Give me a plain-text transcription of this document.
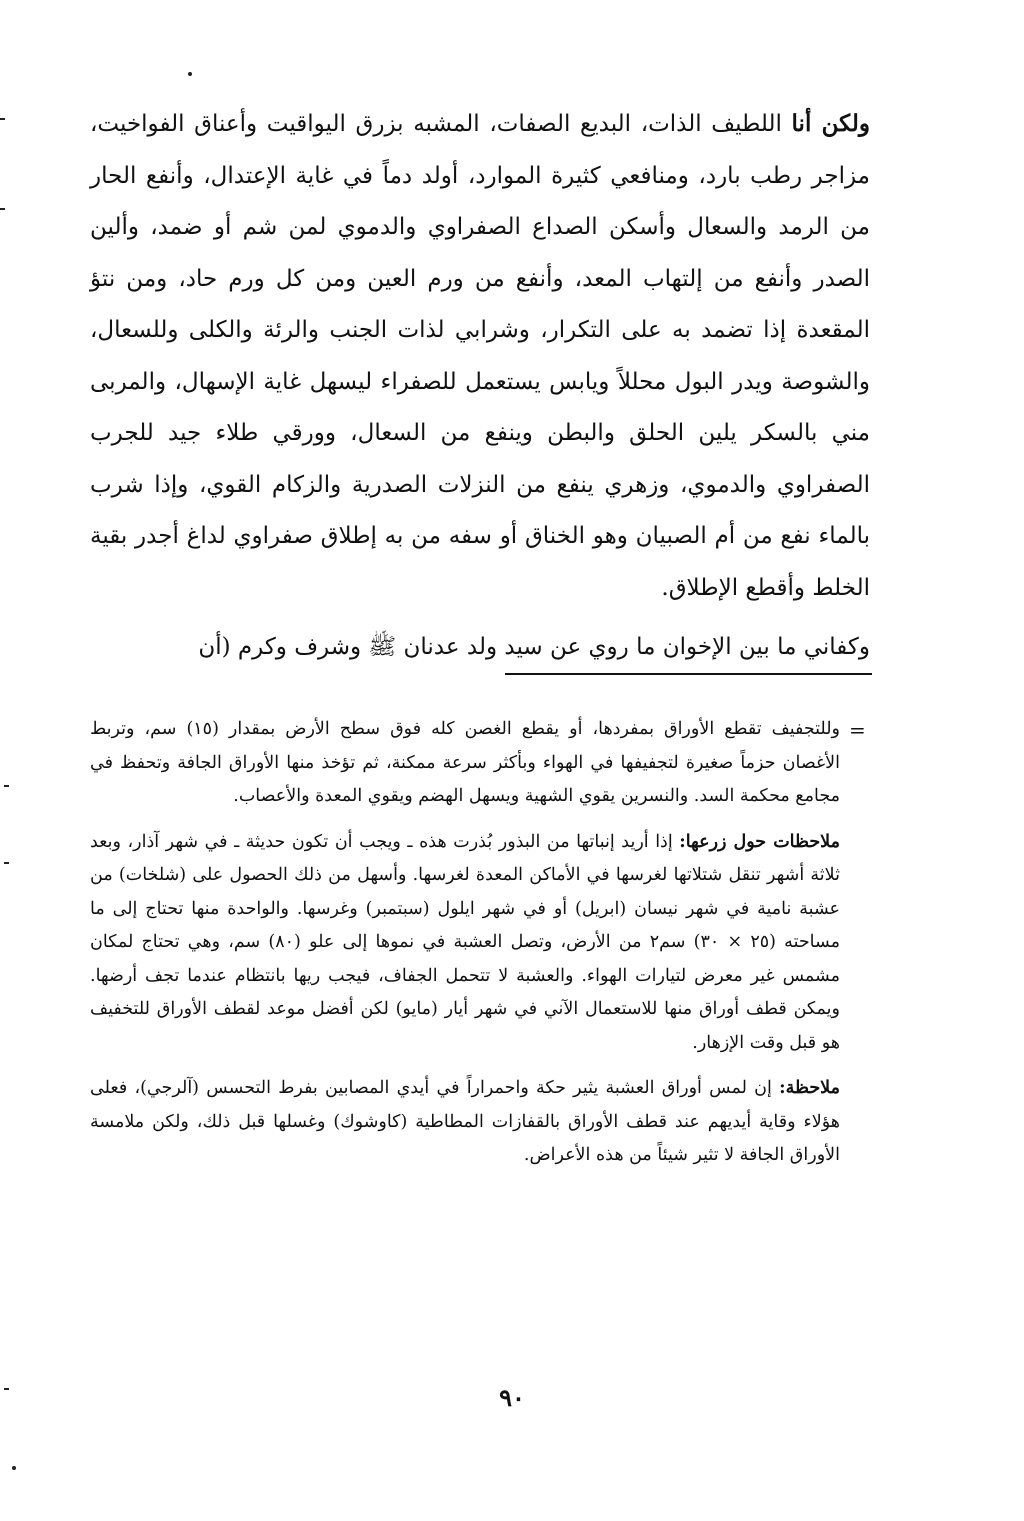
ولكن أنا اللطيف الذات، البديع الصفات، المشبه بزرق اليواقيت وأعناق الفواخيت، مزاجر رطب بارد، ومنافعي كثيرة الموارد، أولد دماً في غاية الإعتدال، وأنفع الحار من الرمد والسعال وأسكن الصداع الصفراوي والدموي لمن شم أو ضمد، وألين الصدر وأنفع من إلتهاب المعد، وأنفع من ورم العين ومن كل ورم حاد، ومن نتؤ المقعدة إذا تضمد به على التكرار، وشرابي لذات الجنب والرئة والكلى وللسعال، والشوصة ويدر البول محللاً ويابس يستعمل للصفراء ليسهل غاية الإسهال، والمربى مني بالسكر يلين الحلق والبطن وينفع من السعال، وورقي طلاء جيد للجرب الصفراوي والدموي، وزهري ينفع من النزلات الصدرية والزكام القوي، وإذا شرب بالماء نفع من أم الصبيان وهو الخناق أو سفه من به إطلاق صفراوي لداغ أجدر بقية الخلط وأقطع الإطلاق.

وكفاني ما بين الإخوان ما روي عن سيد ولد عدنان ﷺ وشرف وكرم (أن

=

وللتجفيف تقطع الأوراق بمفردها، أو يقطع الغصن كله فوق سطح الأرض بمقدار (١٥) سم، وتربط الأغصان حزماً صغيرة لتجفيفها في الهواء وبأكثر سرعة ممكنة، ثم تؤخذ منها الأوراق الجافة وتحفظ في مجامع محكمة السد. والنسرين يقوي الشهية ويسهل الهضم ويقوي المعدة والأعصاب.

ملاحظات حول زرعها: إذا أريد إنباتها من البذور بُذرت هذه ـ ويجب أن تكون حديثة ـ في شهر آذار، وبعد ثلاثة أشهر تنقل شتلاتها لغرسها في الأماكن المعدة لغرسها. وأسهل من ذلك الحصول على (شلخات) من عشبة نامية في شهر نيسان (ابريل) أو في شهر ايلول (سبتمبر) وغرسها. والواحدة منها تحتاج إلى ما مساحته (٢٥ × ٣٠) سم٢ من الأرض، وتصل العشبة في نموها إلى علو (٨٠) سم، وهي تحتاج لمكان مشمس غير معرض لتيارات الهواء. والعشبة لا تتحمل الجفاف، فيجب ريها بانتظام عندما تجف أرضها. ويمكن قطف أوراق منها للاستعمال الآني في شهر أيار (مايو) لكن أفضل موعد لقطف الأوراق للتخفيف هو قبل وقت الإزهار.

ملاحظة: إن لمس أوراق العشبة يثير حكة واحمراراً في أيدي المصابين بفرط التحسس (آلرجي)، فعلى هؤلاء وقاية أيديهم عند قطف الأوراق بالقفازات المطاطية (كاوشوك) وغسلها قبل ذلك، ولكن ملامسة الأوراق الجافة لا تثير شيئاً من هذه الأعراض.

٩٠
